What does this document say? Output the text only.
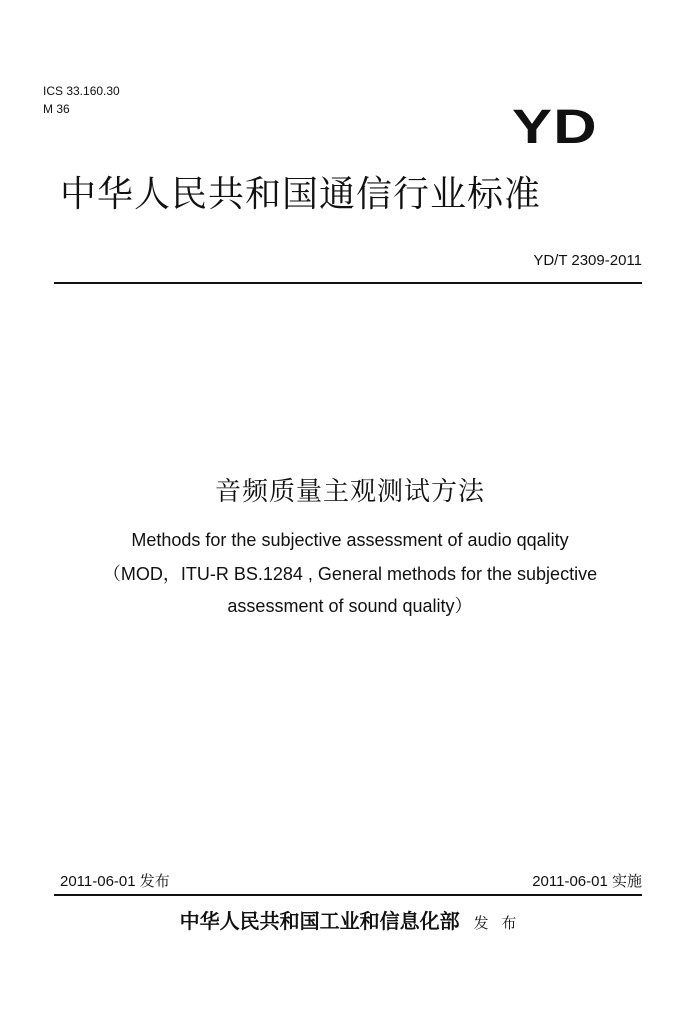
ICS 33.160.30
M 36	YD
中华人民共和国通信行业标准
YD/T 2309-2011
音频质量主观测试方法
Methods for the subjective assessment of audio qqality
（MOD，ITU-R BS.1284 , General methods for the subjective
assessment of sound quality）
2011-06-01 发布	2011-06-01 实施
中华人民共和国工业和信息化部 发 布
